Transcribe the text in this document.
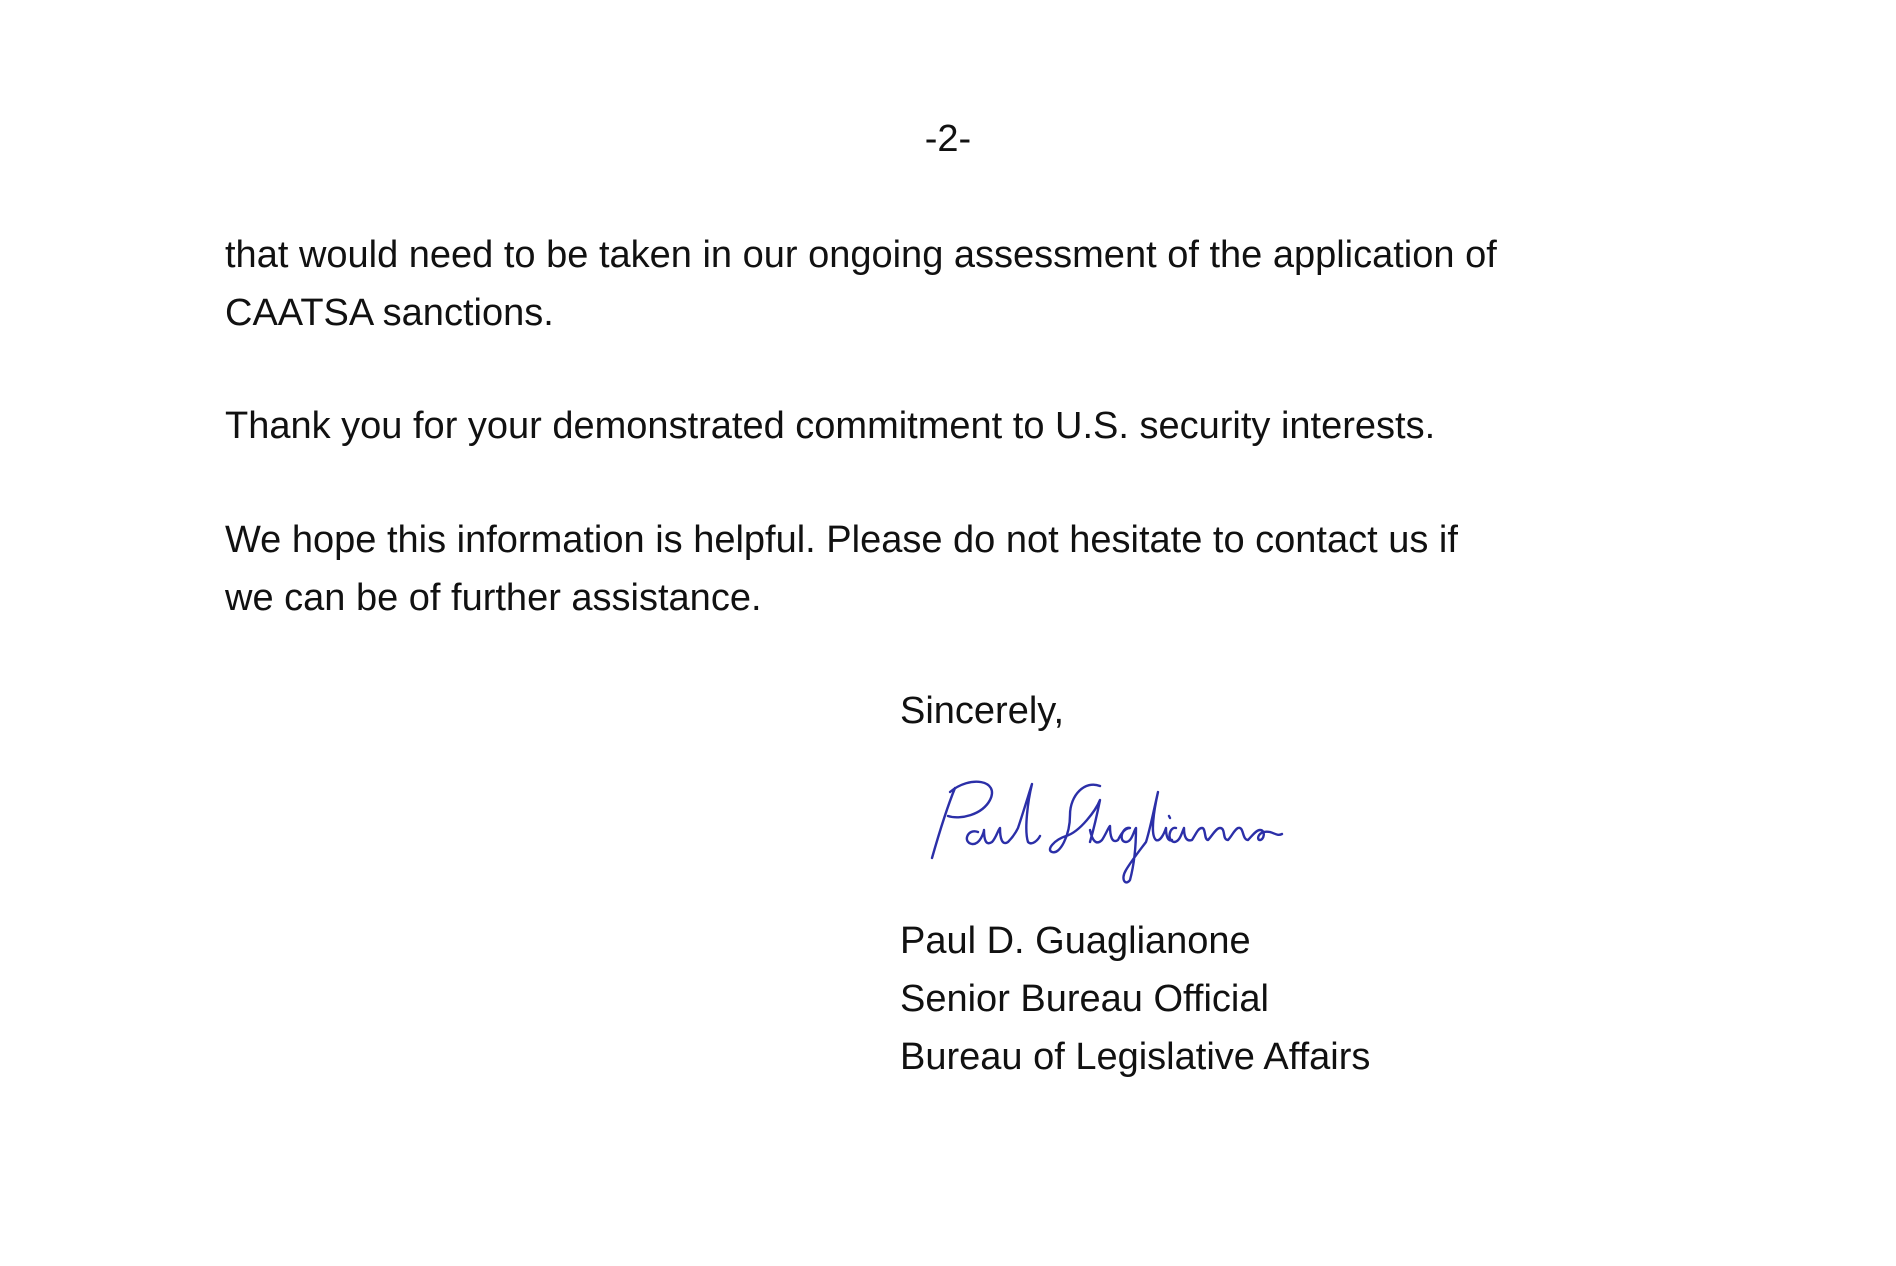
-2-

that would need to be taken in our ongoing assessment of the application of
CAATSA sanctions.

Thank you for your demonstrated commitment to U.S. security interests.

We hope this information is helpful. Please do not hesitate to contact us if
we can be of further assistance.

Sincerely,

Paul D. Guaglianone
Senior Bureau Official
Bureau of Legislative Affairs
